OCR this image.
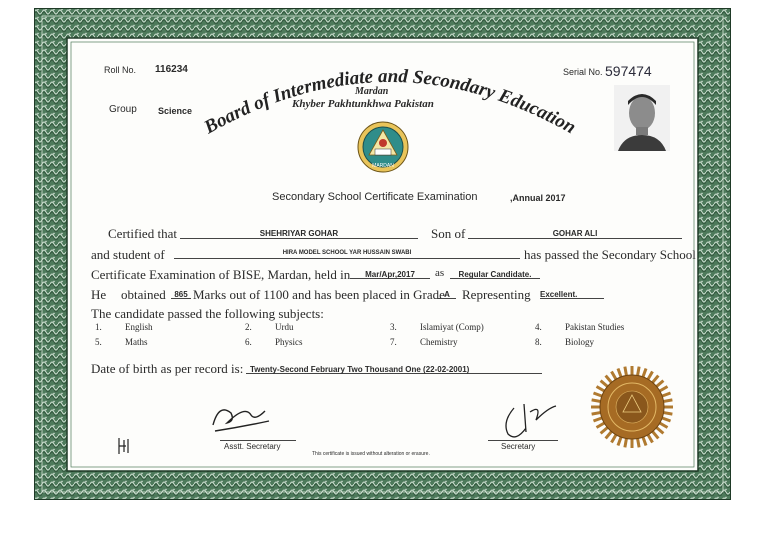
Roll No. 116234	Serial No. 597474
Group Science
Board of Intermediate and Secondary Education
Mardan
Khyber Pakhtunkhwa Pakistan
MARDAN
Secondary School Certificate Examination	,Annual 2017
Certified that	SHEHRIYAR GOHAR	Son of	GOHAR ALI
and student of	HIRA MODEL SCHOOL YAR HUSSAIN SWABI	has passed the Secondary School
Certificate Examination of BISE, Mardan, held in	Mar/Apr,2017	as	Regular Candidate.
He obtained	865 Marks out of 1100 and has been placed in Grade A Representing Excellent.
The candidate passed the following subjects:
1.	English	2.	Urdu	3.	Islamiyat (Comp)	4.	Pakistan Studies
5.	Maths	6.	Physics	7.	Chemistry	8.	Biology
Date of birth as per record is: Twenty-Second February Two Thousand One (22-02-2001)
Asstt. Secretary	Secretary
This certificate is issued without alteration or erasure.
